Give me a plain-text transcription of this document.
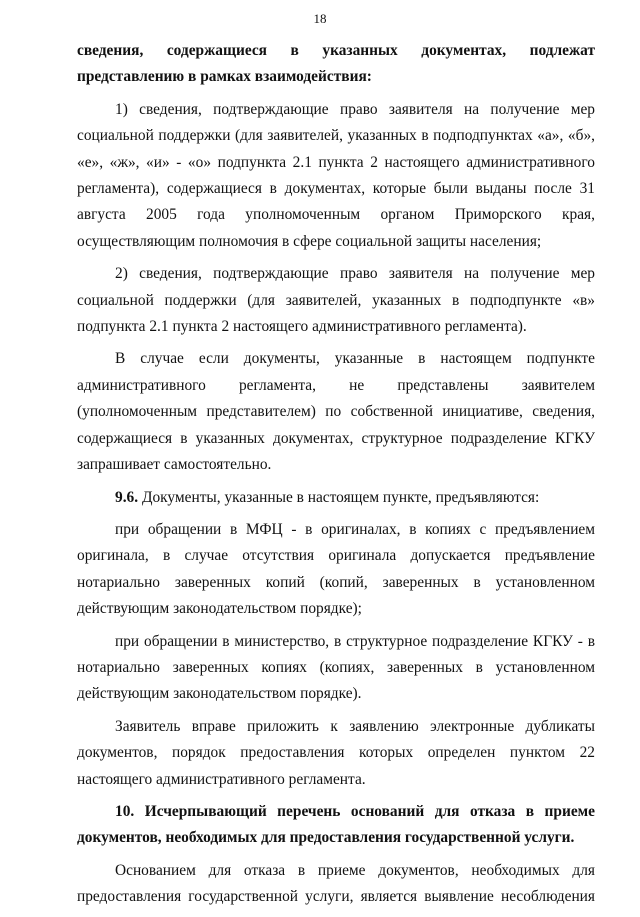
18

сведения, содержащиеся в указанных документах, подлежат представлению в рамках взаимодействия:

1) сведения, подтверждающие право заявителя на получение мер социальной поддержки (для заявителей, указанных в подподпунктах «а», «б», «е», «ж», «и» - «о» подпункта 2.1 пункта 2 настоящего административного регламента), содержащиеся в документах, которые были выданы после 31 августа 2005 года уполномоченным органом Приморского края, осуществляющим полномочия в сфере социальной защиты населения;

2) сведения, подтверждающие право заявителя на получение мер социальной поддержки (для заявителей, указанных в подподпункте «в» подпункта 2.1 пункта 2 настоящего административного регламента).

В случае если документы, указанные в настоящем подпункте административного регламента, не представлены заявителем (уполномоченным представителем) по собственной инициативе, сведения, содержащиеся в указанных документах, структурное подразделение КГКУ запрашивает самостоятельно.

9.6. Документы, указанные в настоящем пункте, предъявляются:

при обращении в МФЦ - в оригиналах, в копиях с предъявлением оригинала, в случае отсутствия оригинала допускается предъявление нотариально заверенных копий (копий, заверенных в установленном действующим законодательством порядке);

при обращении в министерство, в структурное подразделение КГКУ - в нотариально заверенных копиях (копиях, заверенных в установленном действующим законодательством порядке).

Заявитель вправе приложить к заявлению электронные дубликаты документов, порядок предоставления которых определен пунктом 22 настоящего административного регламента.

10. Исчерпывающий перечень оснований для отказа в приеме документов, необходимых для предоставления государственной услуги.

Основанием для отказа в приеме документов, необходимых для предоставления государственной услуги, является выявление несоблюдения
